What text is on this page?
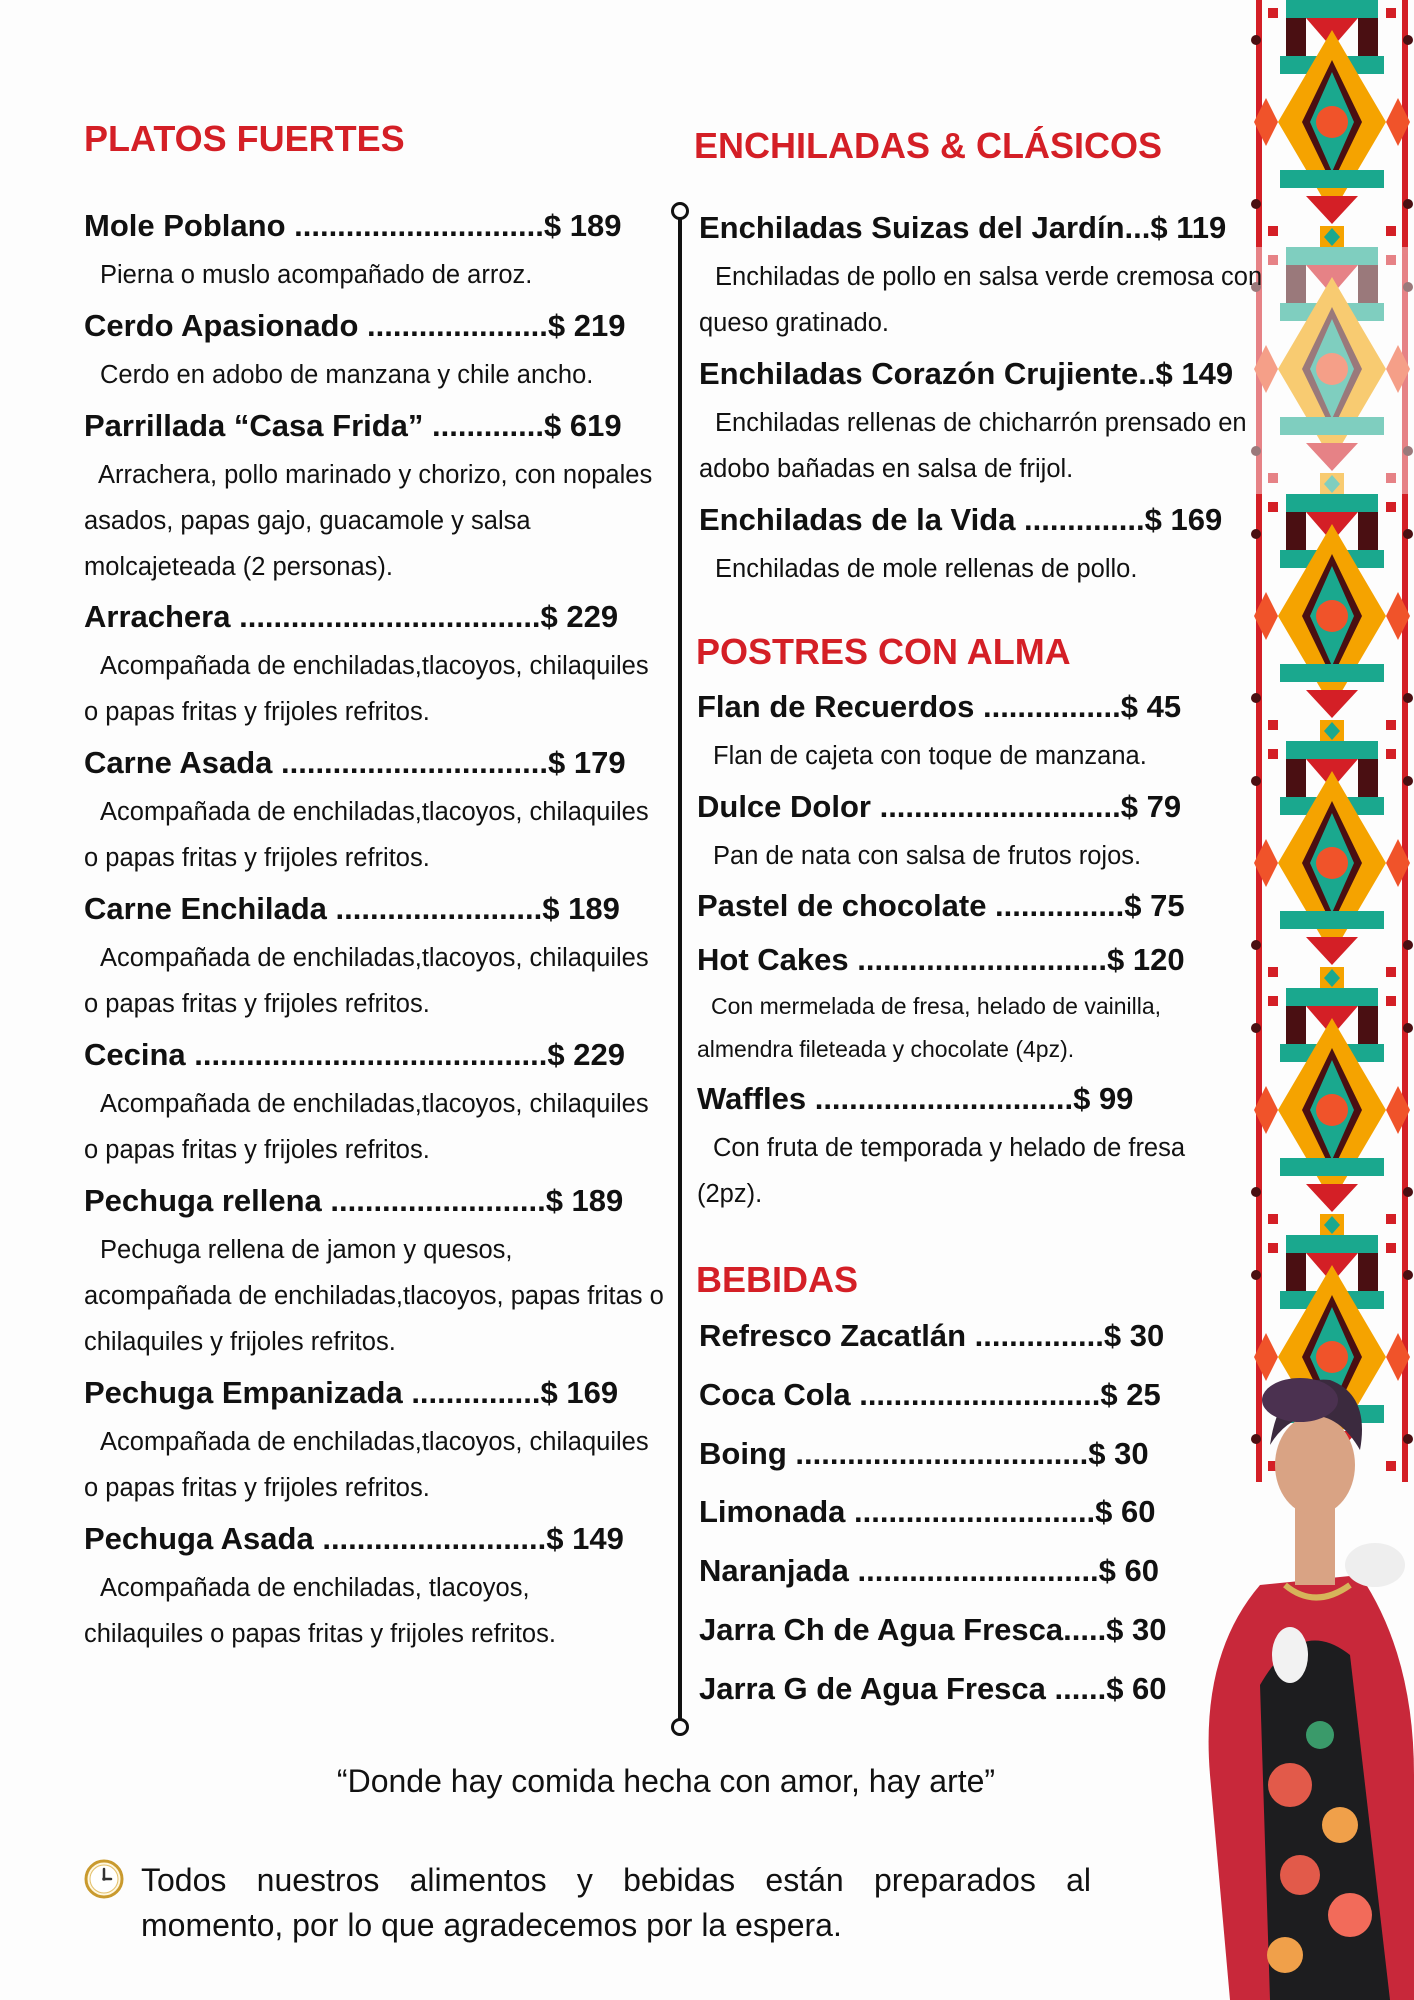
PLATOS FUERTES
Mole Poblano .............................$ 189
Pierna o muslo acompañado de arroz.
Cerdo Apasionado .....................$ 219
Cerdo en adobo de manzana y chile ancho.
Parrillada “Casa Frida” .............$ 619
Arrachera, pollo marinado y chorizo, con nopales asados, papas gajo, guacamole y salsa molcajeteada (2 personas).
Arrachera ...................................$ 229
Acompañada de enchiladas,tlacoyos, chilaquiles o papas fritas y frijoles refritos.
Carne Asada ...............................$ 179
Acompañada de enchiladas,tlacoyos, chilaquiles o papas fritas y frijoles refritos.
Carne Enchilada ........................$ 189
Acompañada de enchiladas,tlacoyos, chilaquiles o papas fritas y frijoles refritos.
Cecina .........................................$ 229
Acompañada de enchiladas,tlacoyos, chilaquiles o papas fritas y frijoles refritos.
Pechuga rellena .........................$ 189
Pechuga rellena de jamon y quesos, acompañada de enchiladas,tlacoyos, papas fritas o chilaquiles y frijoles refritos.
Pechuga Empanizada ...............$ 169
Acompañada de enchiladas,tlacoyos, chilaquiles o papas fritas y frijoles refritos.
Pechuga Asada ..........................$ 149
Acompañada de enchiladas, tlacoyos, chilaquiles o papas fritas y frijoles refritos.
ENCHILADAS & CLÁSICOS
Enchiladas Suizas del Jardín...$ 119
Enchiladas de pollo en salsa verde cremosa con queso gratinado.
Enchiladas Corazón Crujiente..$ 149
Enchiladas rellenas de chicharrón prensado en adobo bañadas en salsa de frijol.
Enchiladas de la Vida ..............$ 169
Enchiladas de mole rellenas de pollo.
POSTRES CON ALMA
Flan de Recuerdos ................$ 45
Flan de cajeta con toque de manzana.
Dulce Dolor ............................$ 79
Pan de nata con salsa de frutos rojos.
Pastel de chocolate ...............$ 75
Hot Cakes .............................$ 120
Con mermelada de fresa, helado de vainilla, almendra fileteada y chocolate (4pz).
Waffles ..............................$ 99
Con fruta de temporada y helado de fresa (2pz).
BEBIDAS
Refresco Zacatlán ...............$ 30
Coca Cola ............................$ 25
Boing ..................................$ 30
Limonada ............................$ 60
Naranjada ............................$ 60
Jarra Ch de Agua Fresca.....$ 30
Jarra G de Agua Fresca ......$ 60
“Donde hay comida hecha con amor, hay arte”
Todos nuestros alimentos y bebidas están preparados al momento, por lo que agradecemos por la espera.
